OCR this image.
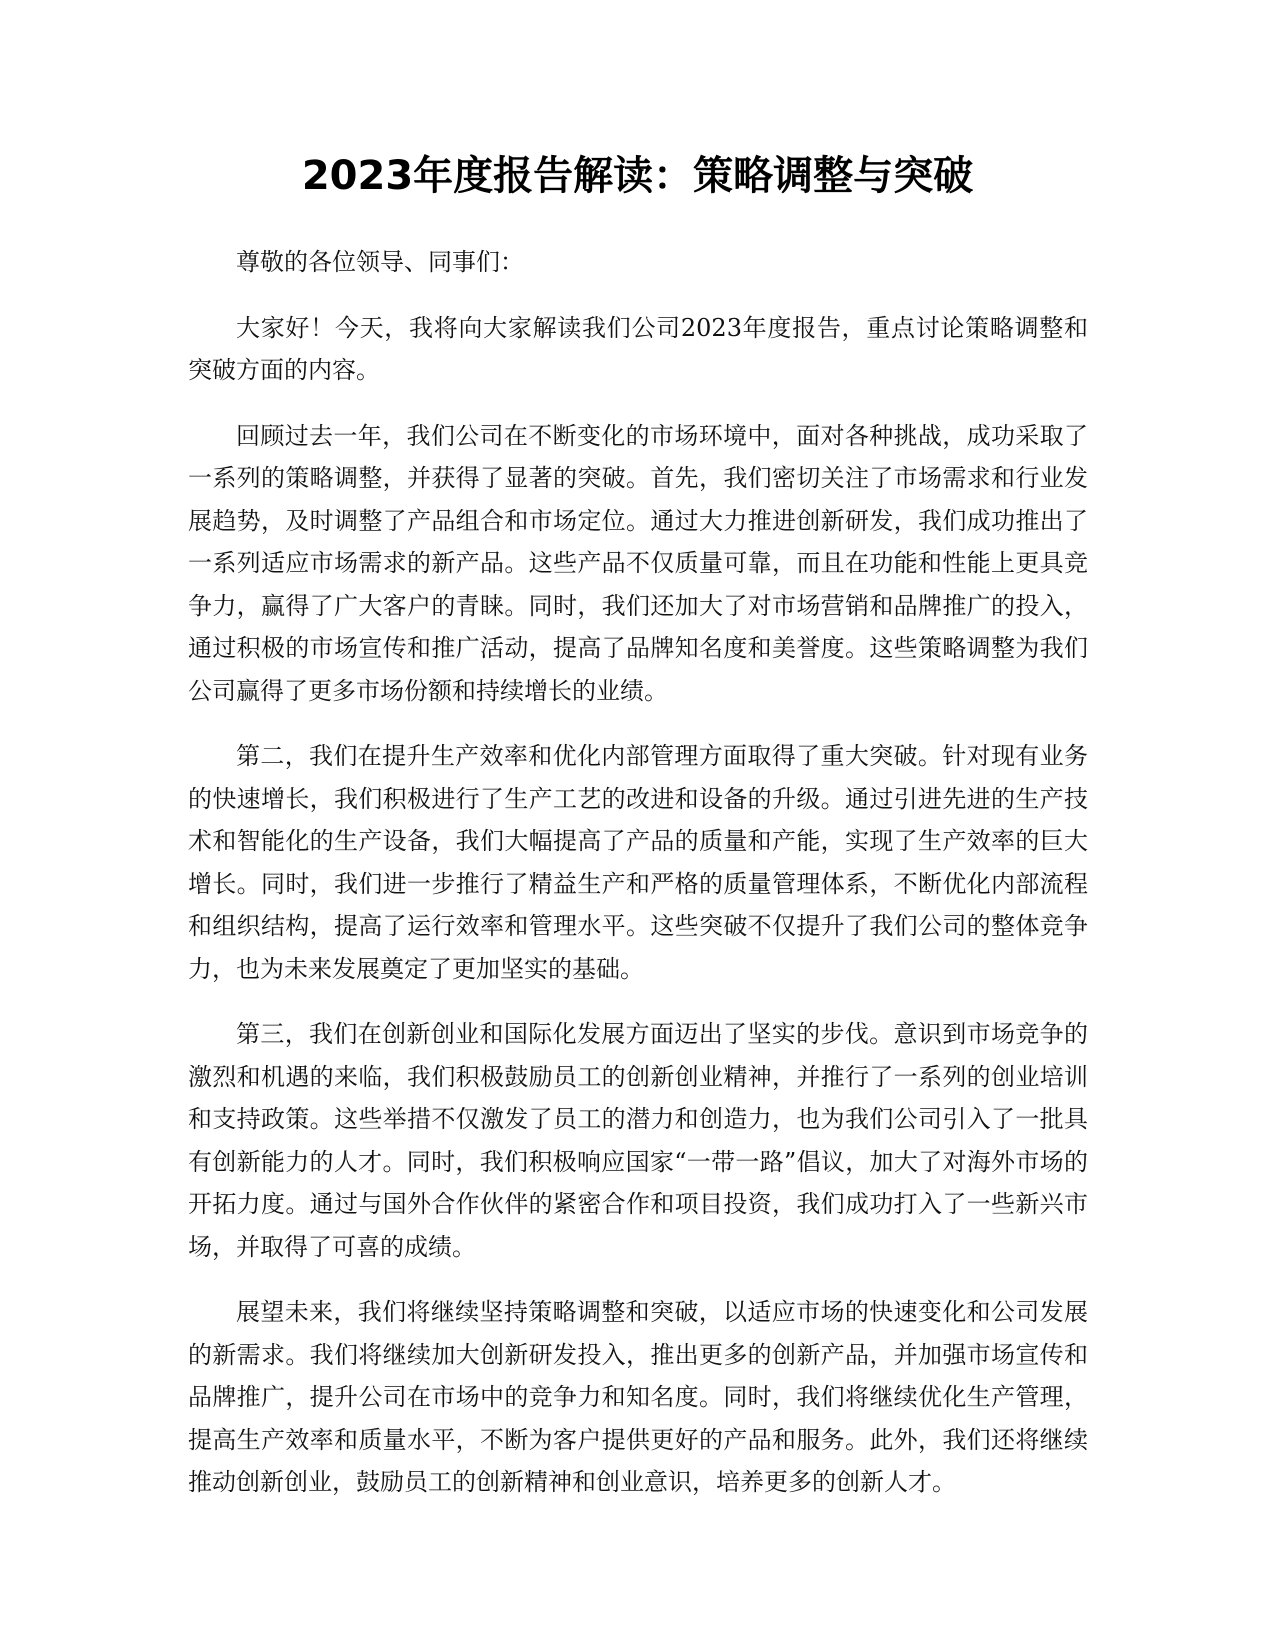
2023年度报告解读：策略调整与突破

尊敬的各位领导、同事们：

大家好！今天，我将向大家解读我们公司2023年度报告，重点讨论策略调整和突破方面的内容。

回顾过去一年，我们公司在不断变化的市场环境中，面对各种挑战，成功采取了一系列的策略调整，并获得了显著的突破。首先，我们密切关注了市场需求和行业发展趋势，及时调整了产品组合和市场定位。通过大力推进创新研发，我们成功推出了一系列适应市场需求的新产品。这些产品不仅质量可靠，而且在功能和性能上更具竞争力，赢得了广大客户的青睐。同时，我们还加大了对市场营销和品牌推广的投入，通过积极的市场宣传和推广活动，提高了品牌知名度和美誉度。这些策略调整为我们公司赢得了更多市场份额和持续增长的业绩。

第二，我们在提升生产效率和优化内部管理方面取得了重大突破。针对现有业务的快速增长，我们积极进行了生产工艺的改进和设备的升级。通过引进先进的生产技术和智能化的生产设备，我们大幅提高了产品的质量和产能，实现了生产效率的巨大增长。同时，我们进一步推行了精益生产和严格的质量管理体系，不断优化内部流程和组织结构，提高了运行效率和管理水平。这些突破不仅提升了我们公司的整体竞争力，也为未来发展奠定了更加坚实的基础。

第三，我们在创新创业和国际化发展方面迈出了坚实的步伐。意识到市场竞争的激烈和机遇的来临，我们积极鼓励员工的创新创业精神，并推行了一系列的创业培训和支持政策。这些举措不仅激发了员工的潜力和创造力，也为我们公司引入了一批具有创新能力的人才。同时，我们积极响应国家“一带一路”倡议，加大了对海外市场的开拓力度。通过与国外合作伙伴的紧密合作和项目投资，我们成功打入了一些新兴市场，并取得了可喜的成绩。

展望未来，我们将继续坚持策略调整和突破，以适应市场的快速变化和公司发展的新需求。我们将继续加大创新研发投入，推出更多的创新产品，并加强市场宣传和品牌推广，提升公司在市场中的竞争力和知名度。同时，我们将继续优化生产管理，提高生产效率和质量水平，不断为客户提供更好的产品和服务。此外，我们还将继续推动创新创业，鼓励员工的创新精神和创业意识，培养更多的创新人才。
